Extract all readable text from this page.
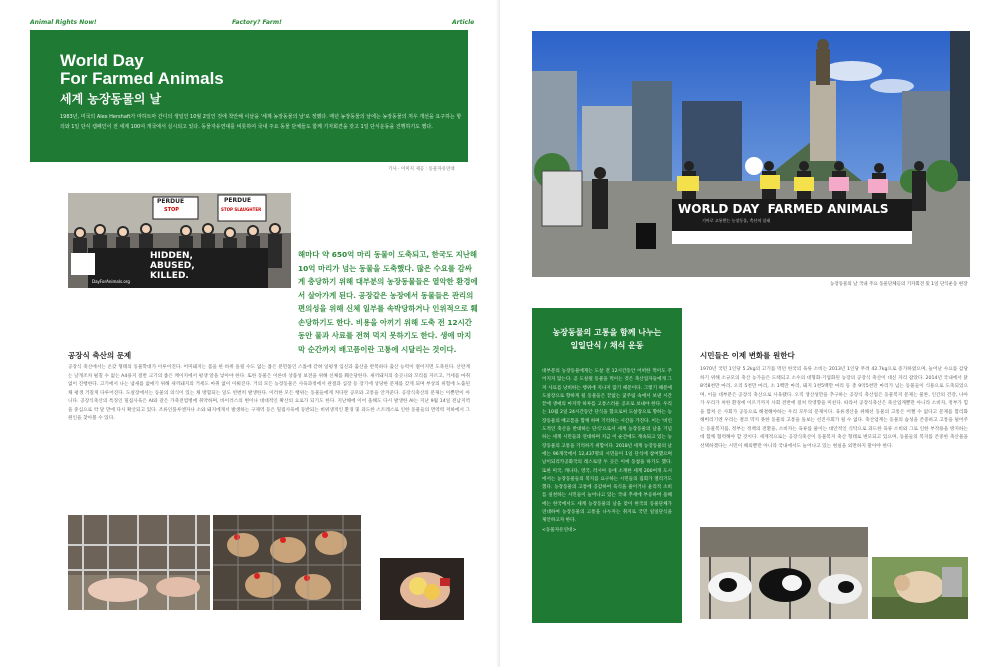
Animal Rights Now!	Factory? Farm!	Article
World Day
For Farmed Animals
세계 농장동물의 날
1983년, 미국의 Alex Hershaft가 마하트마 간디의 생일인 10월 2일인 것에 착안해 이날을 '세계 농장동물의 날'로 정했다. 매년 농장동물의 날에는 농장동물의 처우 개선을 요구하는 항의와 1일 단식 캠페인이 전 세계 100여 개국에서 실시되고 있다. 동물자유연대를 비롯하여 국내 주요 동물 단체들도 함께 기자회견을 갖고 1일 단식운동을 진행하기도 했다.
기사 · 이미지 제공 : 동물자유연대
PERDUE
STOP
PERDUE
STOP SLAUGHTER
HIDDEN,
ABUSED,
KILLED.
DayForAnimals.org
해마다 약 650억 마리 동물이 도축되고, 한국도 지난해 10억 마리가 넘는 동물을 도축했다. 많은 수요를 감싸게 충당하기 위해 대부분의 농장동물들은 열악한 환경에서 살아가게 된다. 공장같은 농장에서 동물들은 관리의 편의성을 위해 신체 일부를 속박당하거나 인위적으로 훼손당하기도 한다. 비용을 아끼기 위해 도축 전 12시간 동안 물과 사료를 전혀 먹지 못하기도 한다. 생애 마지막 순간까지 배고픔이란 고통에 시달리는 것이다.
공장식 축산의 문제
공장식 축산에서는 온갖 형태의 동물학대가 이루어진다. 어미돼지는 몸을 한 바퀴 돌릴 수도 없는 좁은 분만틀인 스톨에 갇혀 일평생 임신과 출산을 반복하다 출산 능력이 떨어지면 도축된다. 산란계는 날개조차 펼칠 수 없는 A4용지 절반 크기의 좁은 케이지에서 평생 알을 낳아야 한다. 또한 동물은 이른바 상품성 보전을 위해 신체를 훼손당한다. 새끼돼지의 송곳니와 꼬리를 자르고, 거세를 마취 없이 진행한다. 고기에서 나는 냄새를 없애기 위해 새끼돼지의 거세도 마취 없이 이뤄진다. 거의 모든 농장동물은 사육과정에서 관절과 심장 등 장기에 상당한 문제를 갖게 되며 부상의 위험에 노출된 채 평생 거칠게 다루어진다. 도살장에서는 동물의 의식이 있는 채 방혈되는 일도 빈번히 발생한다. 이러한 모든 행위는 동물들에게 커다란 공포와 고통을 안겨준다. 공장식축산의 문제는 이뿐만이 아니다. 공장식축산의 특징인 밀집사육은 AI와 같은 가축전염병에 취약하며, 바이러스의 변이나 대대적인 확산의 요로가 되기도 한다. 지난해에 이어 올해도 다시 발생한 AI는 지난 9월 14일 전남지역을 중심으로 약 달 만에 다시 확산되고 있다. 조류인플루엔자나 소와 돼지에게서 발생하는 구제역 등은 밀집사육에 동반되는 비위생적인 환경 및 과도한 스트레스로 인한 동물들의 면역력 저하에서 그 원인을 찾아볼 수 있다.
WORLD DAY  FARMED ANIMALS
기아로 고통받는 농장동물, 축산의 실태
농장동물의 날 국내 주요 동물단체들의 기자회견 및 1일 단식운동 현장
농장동물의 고통을 함께 나누는
일일단식 / 채식 운동
대부분의 농장동물에게는 도살 전 12시간동안 어떠한 먹이도 주어지지 않는다. 곧 도살될 동물을 먹이는 것은 축산업자들에게 그저 사료를 낭비하는 행위에 지나지 않기 때문이다. 그렇기 때문에 도살장으로 향하게 될 동물들은 끝없는 굶주림 속에서 보낸 시간 끝에 생애의 마지막 하루를 고통스러운 공포로 보내야 한다. 우리는 10월 2일 24시간동안 단식을 함으로써 도살장으로 향하는 농장동물의 배고픔을 함께 하며 기억하는 시간을 가진다. 이는 '비인도적인 축산을 반대하는 단식'으로서 세계 농장동물의 날을 기념하는 세계 시민들과 연대하며 지금 이 순간에도 계속되고 있는 농장동물의 고통을 기억하기 위함이다. 2018년 세계 농장동물의 날에는 96개국에서 12,437명의 시민들이 1일 단식에 참여했으며 날이되리카공화국의 레스토랑 두 곳은 이에 동참을 하기도 했다. 또한 미국, 캐나다, 영국, 러시아 등에 소재한 세계 200여개 도시에서는 농장동물들의 복지를 요구하는 시민들의 집회가 열리기도 했다. 농장동물의 고통에 공감하여 육식을 줄이거나 윤리적 소비를 실천하는 시민들이 늘어나고 있는 국내 추세에 부응하여 올해에는 한국에서도 세계 농장동물의 날을 맞이 한국의 동물단체가 연대하여 농장동물의 고통을 나누자는 취지로 국민 일일단식을 제안하고자 한다.
<동물자유연대>
시민들은 이제 변화를 원한다
1970년 국민 1인당 5.2kg의 고기를 먹던 한국의 육류 소비는 2013년 1인당 무려 42.7kg으로 증가하였으며, 늘어난 수요를 감당하기 위해 소규모의 축산 농가들은 도태되고 소수의 대형화·기업화된 농장의 공장식 축산이 대신 자리 잡았다. 2014년 국내에서 닭 8억8천만 마리, 오리 5천만 마리, 소 1백만 마리, 돼지 1천5백만 마리 등 총 9억5천만 마리가 넘는 동물들이 식용으로 도축되었으며, 이들 대부분은 공장식 축산으로 사육됐다. 오직 생산성만을 추구하는 공장식 축산업은 동물복지 문제는 물론, 인간의 건강, 나아가 우리가 처한 환경에 이르기까지 사회 전반에 걸쳐 악영향을 미친다. 따라서 공장식축산은 축산업계뿐만 아니라 소비자, 정부가 힘을 합쳐 온 사회가 공동으로 해결해야하는 우리 모두의 문제이다. 육류생산을 위해선 동물의 고통은 어쩔 수 없다고 문제를 합리화 해버리기엔 우리는 결코 막지 못한 동물의 고통을 돌보는 선진사회가 될 수 없다. 축산업계는 동물의 습성을 존중하고 고통을 덜어주는 동물복지를, 정부는 정책의 전환을, 소비자는 육류를 줄이는 대안적인 식탁으로 과도한 육류 소비와 그로 인한 부작용을 방지하는데 함께 협력해야 할 것이다. 세계적으로는 공장식축산이 동물복지 축산 형태로 변모되고 있으며, 동물들의 복지를 존중한 축산물을 선택하겠다는 시민이 해외뿐만 아니라 국내에서도 늘어나고 있는 현실을 외면하지 말아야 한다.
